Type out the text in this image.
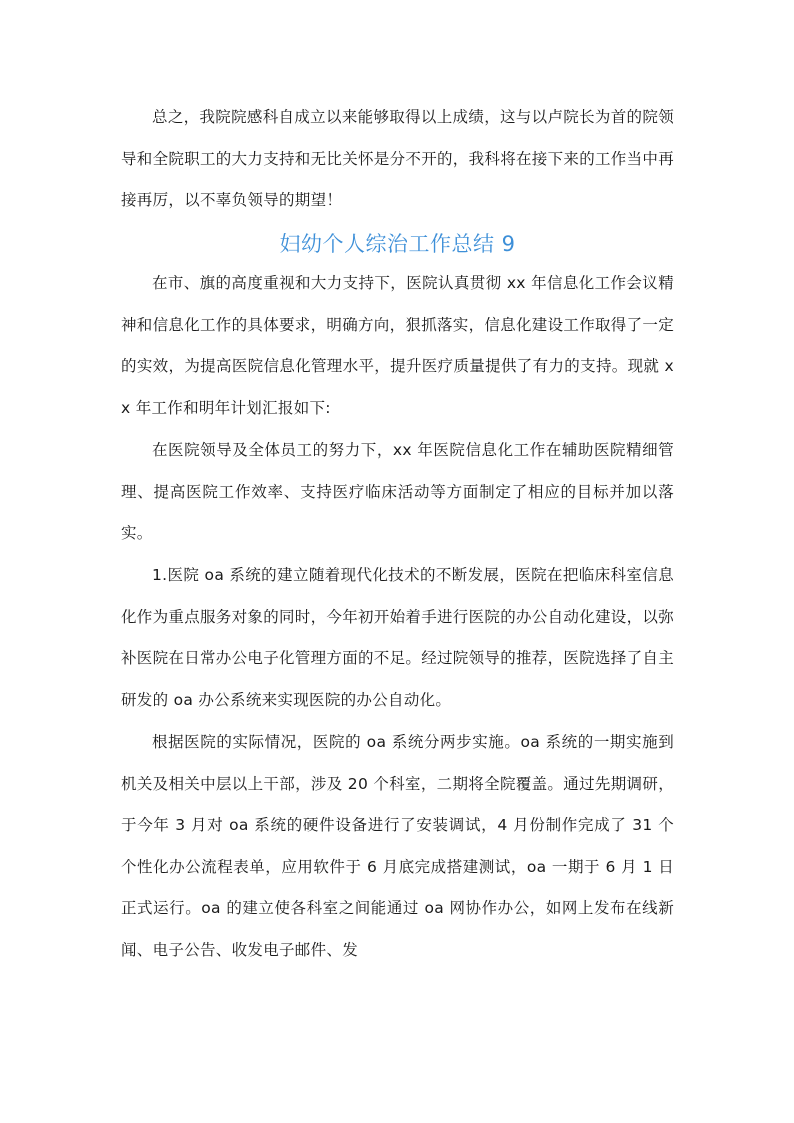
总之，我院院感科自成立以来能够取得以上成绩，这与以卢院长为首的院领导和全院职工的大力支持和无比关怀是分不开的，我科将在接下来的工作当中再接再厉，以不辜负领导的期望！

妇幼个人综治工作总结 9

在市、旗的高度重视和大力支持下，医院认真贯彻 xx 年信息化工作会议精神和信息化工作的具体要求，明确方向，狠抓落实，信息化建设工作取得了一定的实效，为提高医院信息化管理水平，提升医疗质量提供了有力的支持。现就 xx 年工作和明年计划汇报如下:

在医院领导及全体员工的努力下，xx 年医院信息化工作在辅助医院精细管理、提高医院工作效率、支持医疗临床活动等方面制定了相应的目标并加以落实。

1.医院 oa 系统的建立随着现代化技术的不断发展，医院在把临床科室信息化作为重点服务对象的同时，今年初开始着手进行医院的办公自动化建设，以弥补医院在日常办公电子化管理方面的不足。经过院领导的推荐，医院选择了自主研发的 oa 办公系统来实现医院的办公自动化。

根据医院的实际情况，医院的 oa 系统分两步实施。oa 系统的一期实施到机关及相关中层以上干部，涉及 20 个科室，二期将全院覆盖。通过先期调研，于今年 3 月对 oa 系统的硬件设备进行了安装调试，4 月份制作完成了 31 个个性化办公流程表单，应用软件于 6 月底完成搭建测试，oa 一期于 6 月 1 日正式运行。oa 的建立使各科室之间能通过 oa 网协作办公，如网上发布在线新闻、电子公告、收发电子邮件、发
